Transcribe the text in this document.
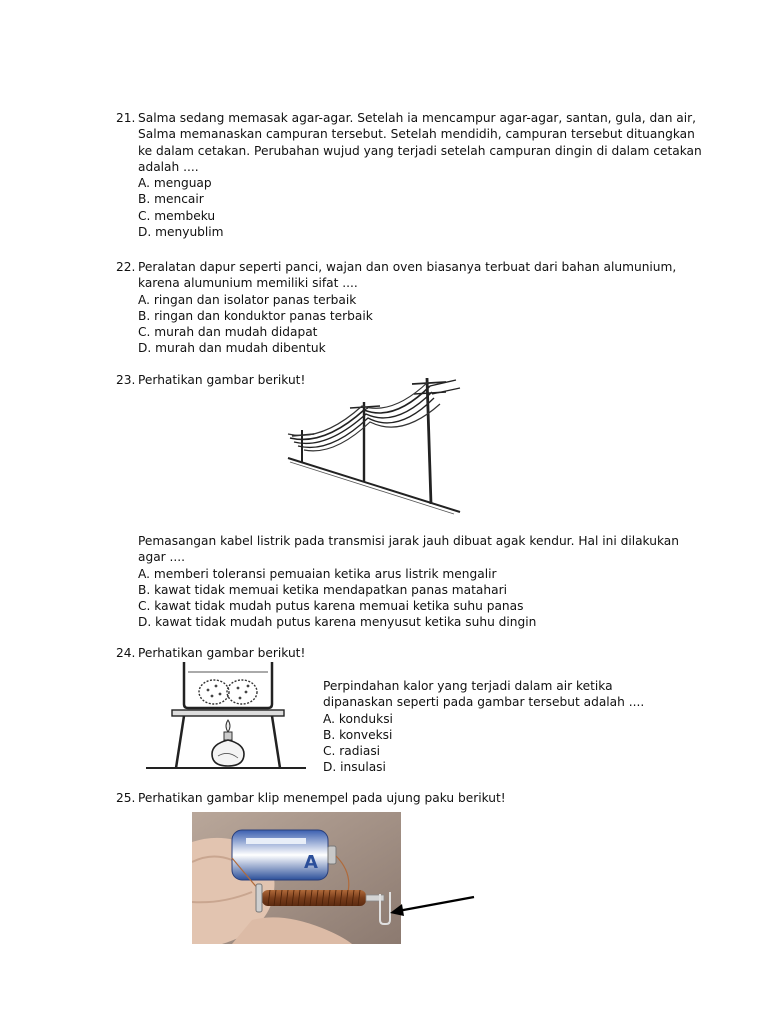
21. Salma sedang memasak agar-agar. Setelah ia mencampur agar-agar, santan, gula, dan air, Salma memanaskan campuran tersebut. Setelah mendidih, campuran tersebut dituangkan ke dalam cetakan. Perubahan wujud yang terjadi setelah campuran dingin di dalam cetakan adalah ....
A. menguap
B. mencair
C. membeku
D. menyublim
22. Peralatan dapur seperti panci, wajan dan oven biasanya terbuat dari bahan alumunium, karena alumunium memiliki sifat ....
A. ringan dan isolator panas terbaik
B. ringan dan konduktor panas terbaik
C. murah dan mudah didapat
D. murah dan mudah dibentuk
23. Perhatikan gambar berikut!
Pemasangan kabel listrik pada transmisi jarak jauh dibuat agak kendur. Hal ini dilakukan agar ....
A. memberi toleransi pemuaian ketika arus listrik mengalir
B. kawat tidak memuai ketika mendapatkan panas matahari
C. kawat tidak mudah putus karena memuai ketika suhu panas
D. kawat tidak mudah putus karena menyusut ketika suhu dingin
24. Perhatikan gambar berikut!
Perpindahan kalor yang terjadi dalam air ketika dipanaskan seperti pada gambar tersebut adalah ....
A. konduksi
B. konveksi
C. radiasi
D. insulasi
25. Perhatikan gambar klip menempel pada ujung paku berikut!
A
